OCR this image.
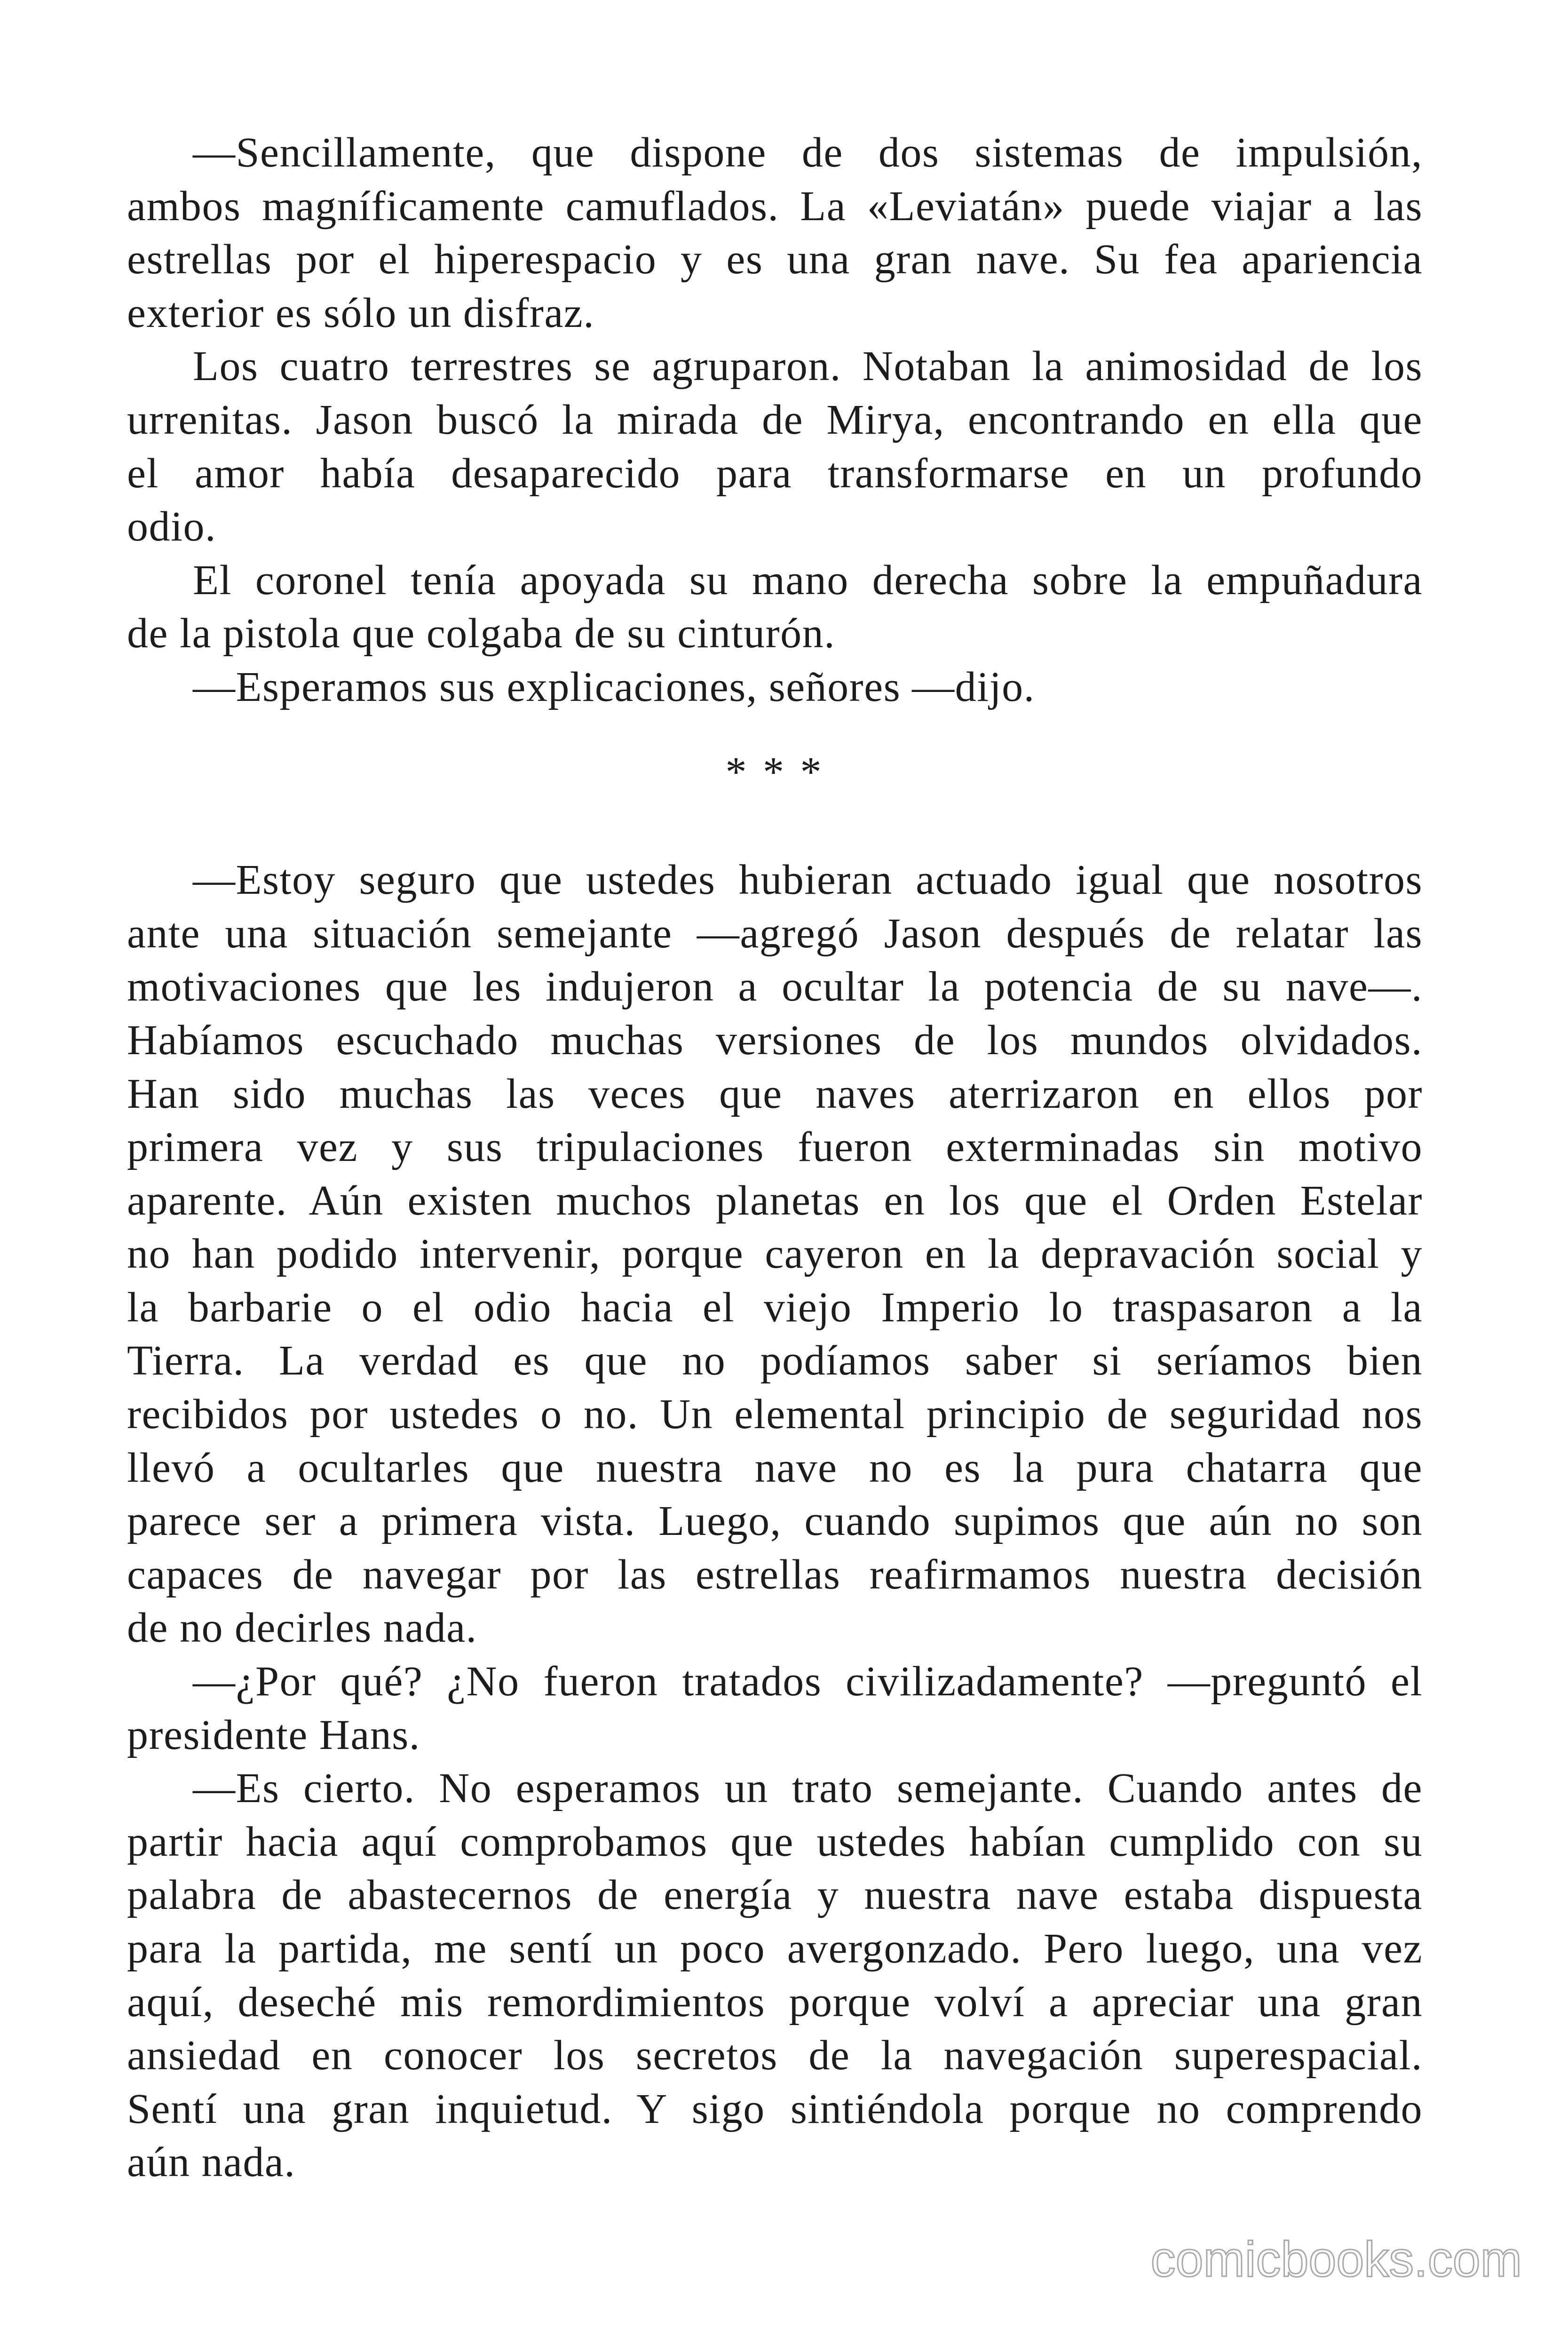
—Sencillamente, que dispone de dos sistemas de impulsión,
ambos magníficamente camuflados. La «Leviatán» puede viajar a las
estrellas por el hiperespacio y es una gran nave. Su fea apariencia
exterior es sólo un disfraz.
Los cuatro terrestres se agruparon. Notaban la animosidad de los
urrenitas. Jason buscó la mirada de Mirya, encontrando en ella que
el amor había desaparecido para transformarse en un profundo
odio.
El coronel tenía apoyada su mano derecha sobre la empuñadura
de la pistola que colgaba de su cinturón.
—Esperamos sus explicaciones, señores —dijo.
* * *
—Estoy seguro que ustedes hubieran actuado igual que nosotros
ante una situación semejante —agregó Jason después de relatar las
motivaciones que les indujeron a ocultar la potencia de su nave—.
Habíamos escuchado muchas versiones de los mundos olvidados.
Han sido muchas las veces que naves aterrizaron en ellos por
primera vez y sus tripulaciones fueron exterminadas sin motivo
aparente. Aún existen muchos planetas en los que el Orden Estelar
no han podido intervenir, porque cayeron en la depravación social y
la barbarie o el odio hacia el viejo Imperio lo traspasaron a la
Tierra. La verdad es que no podíamos saber si seríamos bien
recibidos por ustedes o no. Un elemental principio de seguridad nos
llevó a ocultarles que nuestra nave no es la pura chatarra que
parece ser a primera vista. Luego, cuando supimos que aún no son
capaces de navegar por las estrellas reafirmamos nuestra decisión
de no decirles nada.
—¿Por qué? ¿No fueron tratados civilizadamente? —preguntó el
presidente Hans.
—Es cierto. No esperamos un trato semejante. Cuando antes de
partir hacia aquí comprobamos que ustedes habían cumplido con su
palabra de abastecernos de energía y nuestra nave estaba dispuesta
para la partida, me sentí un poco avergonzado. Pero luego, una vez
aquí, deseché mis remordimientos porque volví a apreciar una gran
ansiedad en conocer los secretos de la navegación superespacial.
Sentí una gran inquietud. Y sigo sintiéndola porque no comprendo
aún nada.
comicbooks.com
